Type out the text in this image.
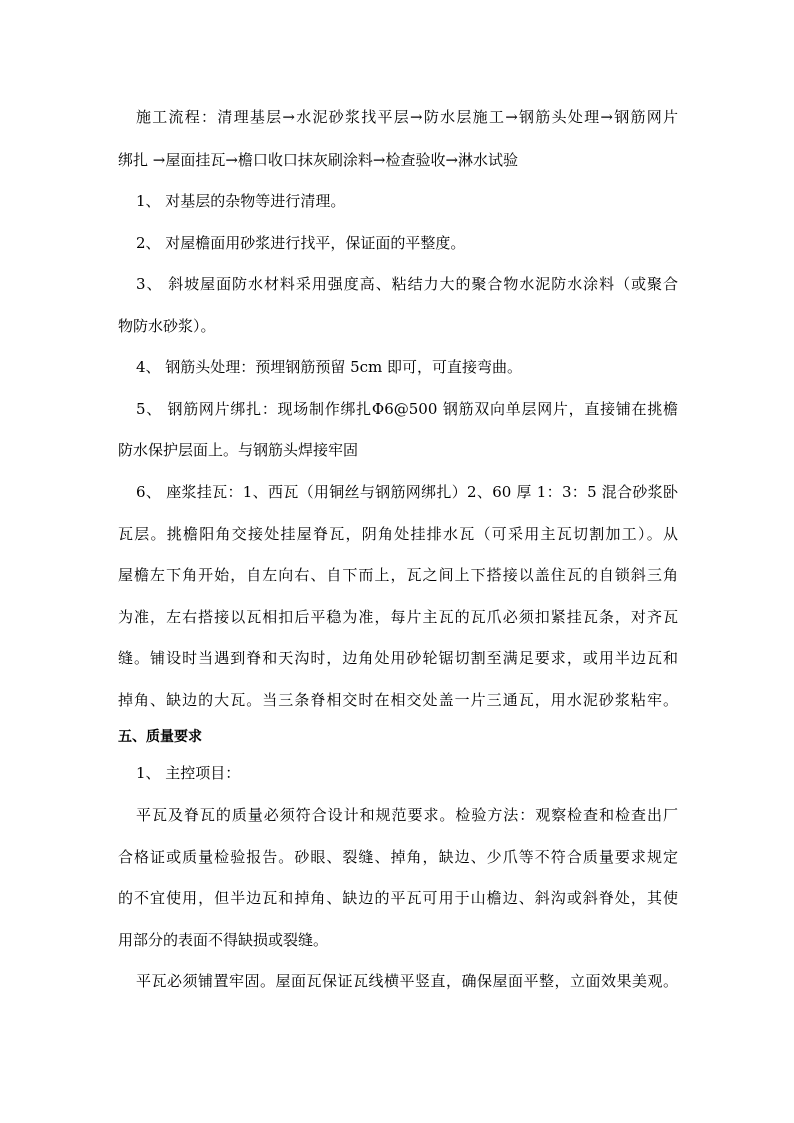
施工流程：清理基层→水泥砂浆找平层→防水层施工→钢筋头处理→钢筋网片
绑扎 →屋面挂瓦→檐口收口抹灰刷涂料→检查验收→淋水试验
1、 对基层的杂物等进行清理。
2、 对屋檐面用砂浆进行找平，保证面的平整度。
3、 斜坡屋面防水材料采用强度高、粘结力大的聚合物水泥防水涂料（或聚合
物防水砂浆）。
4、 钢筋头处理：预埋钢筋预留 5cm 即可，可直接弯曲。
5、 钢筋网片绑扎：现场制作绑扎Φ6@500 钢筋双向单层网片，直接铺在挑檐
防水保护层面上。与钢筋头焊接牢固
6、 座浆挂瓦：1、西瓦（用铜丝与钢筋网绑扎）2、60 厚 1：3：5 混合砂浆卧
瓦层。挑檐阳角交接处挂屋脊瓦，阴角处挂排水瓦（可采用主瓦切割加工）。从
屋檐左下角开始，自左向右、自下而上，瓦之间上下搭接以盖住瓦的自锁斜三角
为准，左右搭接以瓦相扣后平稳为准，每片主瓦的瓦爪必须扣紧挂瓦条，对齐瓦
缝。铺设时当遇到脊和天沟时，边角处用砂轮锯切割至满足要求，或用半边瓦和
掉角、缺边的大瓦。当三条脊相交时在相交处盖一片三通瓦，用水泥砂浆粘牢。
五、质量要求
1、 主控项目：
平瓦及脊瓦的质量必须符合设计和规范要求。检验方法：观察检查和检查出厂
合格证或质量检验报告。砂眼、裂缝、掉角，缺边、少爪等不符合质量要求规定
的不宜使用，但半边瓦和掉角、缺边的平瓦可用于山檐边、斜沟或斜脊处，其使
用部分的表面不得缺损或裂缝。
平瓦必须铺置牢固。屋面瓦保证瓦线横平竖直，确保屋面平整，立面效果美观。
